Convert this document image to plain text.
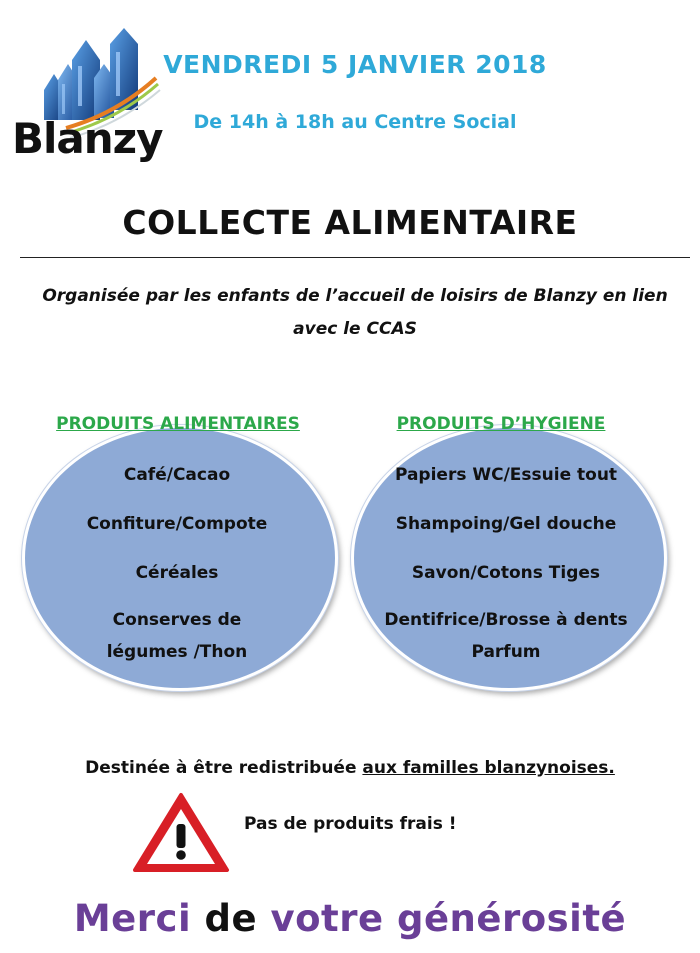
Blanzy
VENDREDI 5 JANVIER 2018
De 14h à 18h au Centre Social
COLLECTE ALIMENTAIRE
Organisée par les enfants de l’accueil de loisirs de Blanzy en lien
avec le CCAS
PRODUITS ALIMENTAIRES	PRODUITS D’HYGIENE
Café/Cacao
Confiture/Compote
Céréales
Conserves de
légumes /Thon
Papiers WC/Essuie tout
Shampoing/Gel douche
Savon/Cotons Tiges
Dentifrice/Brosse à dents
Parfum
Destinée à être redistribuée aux familles blanzynoises.
Pas de produits frais !
Merci de votre générosité
